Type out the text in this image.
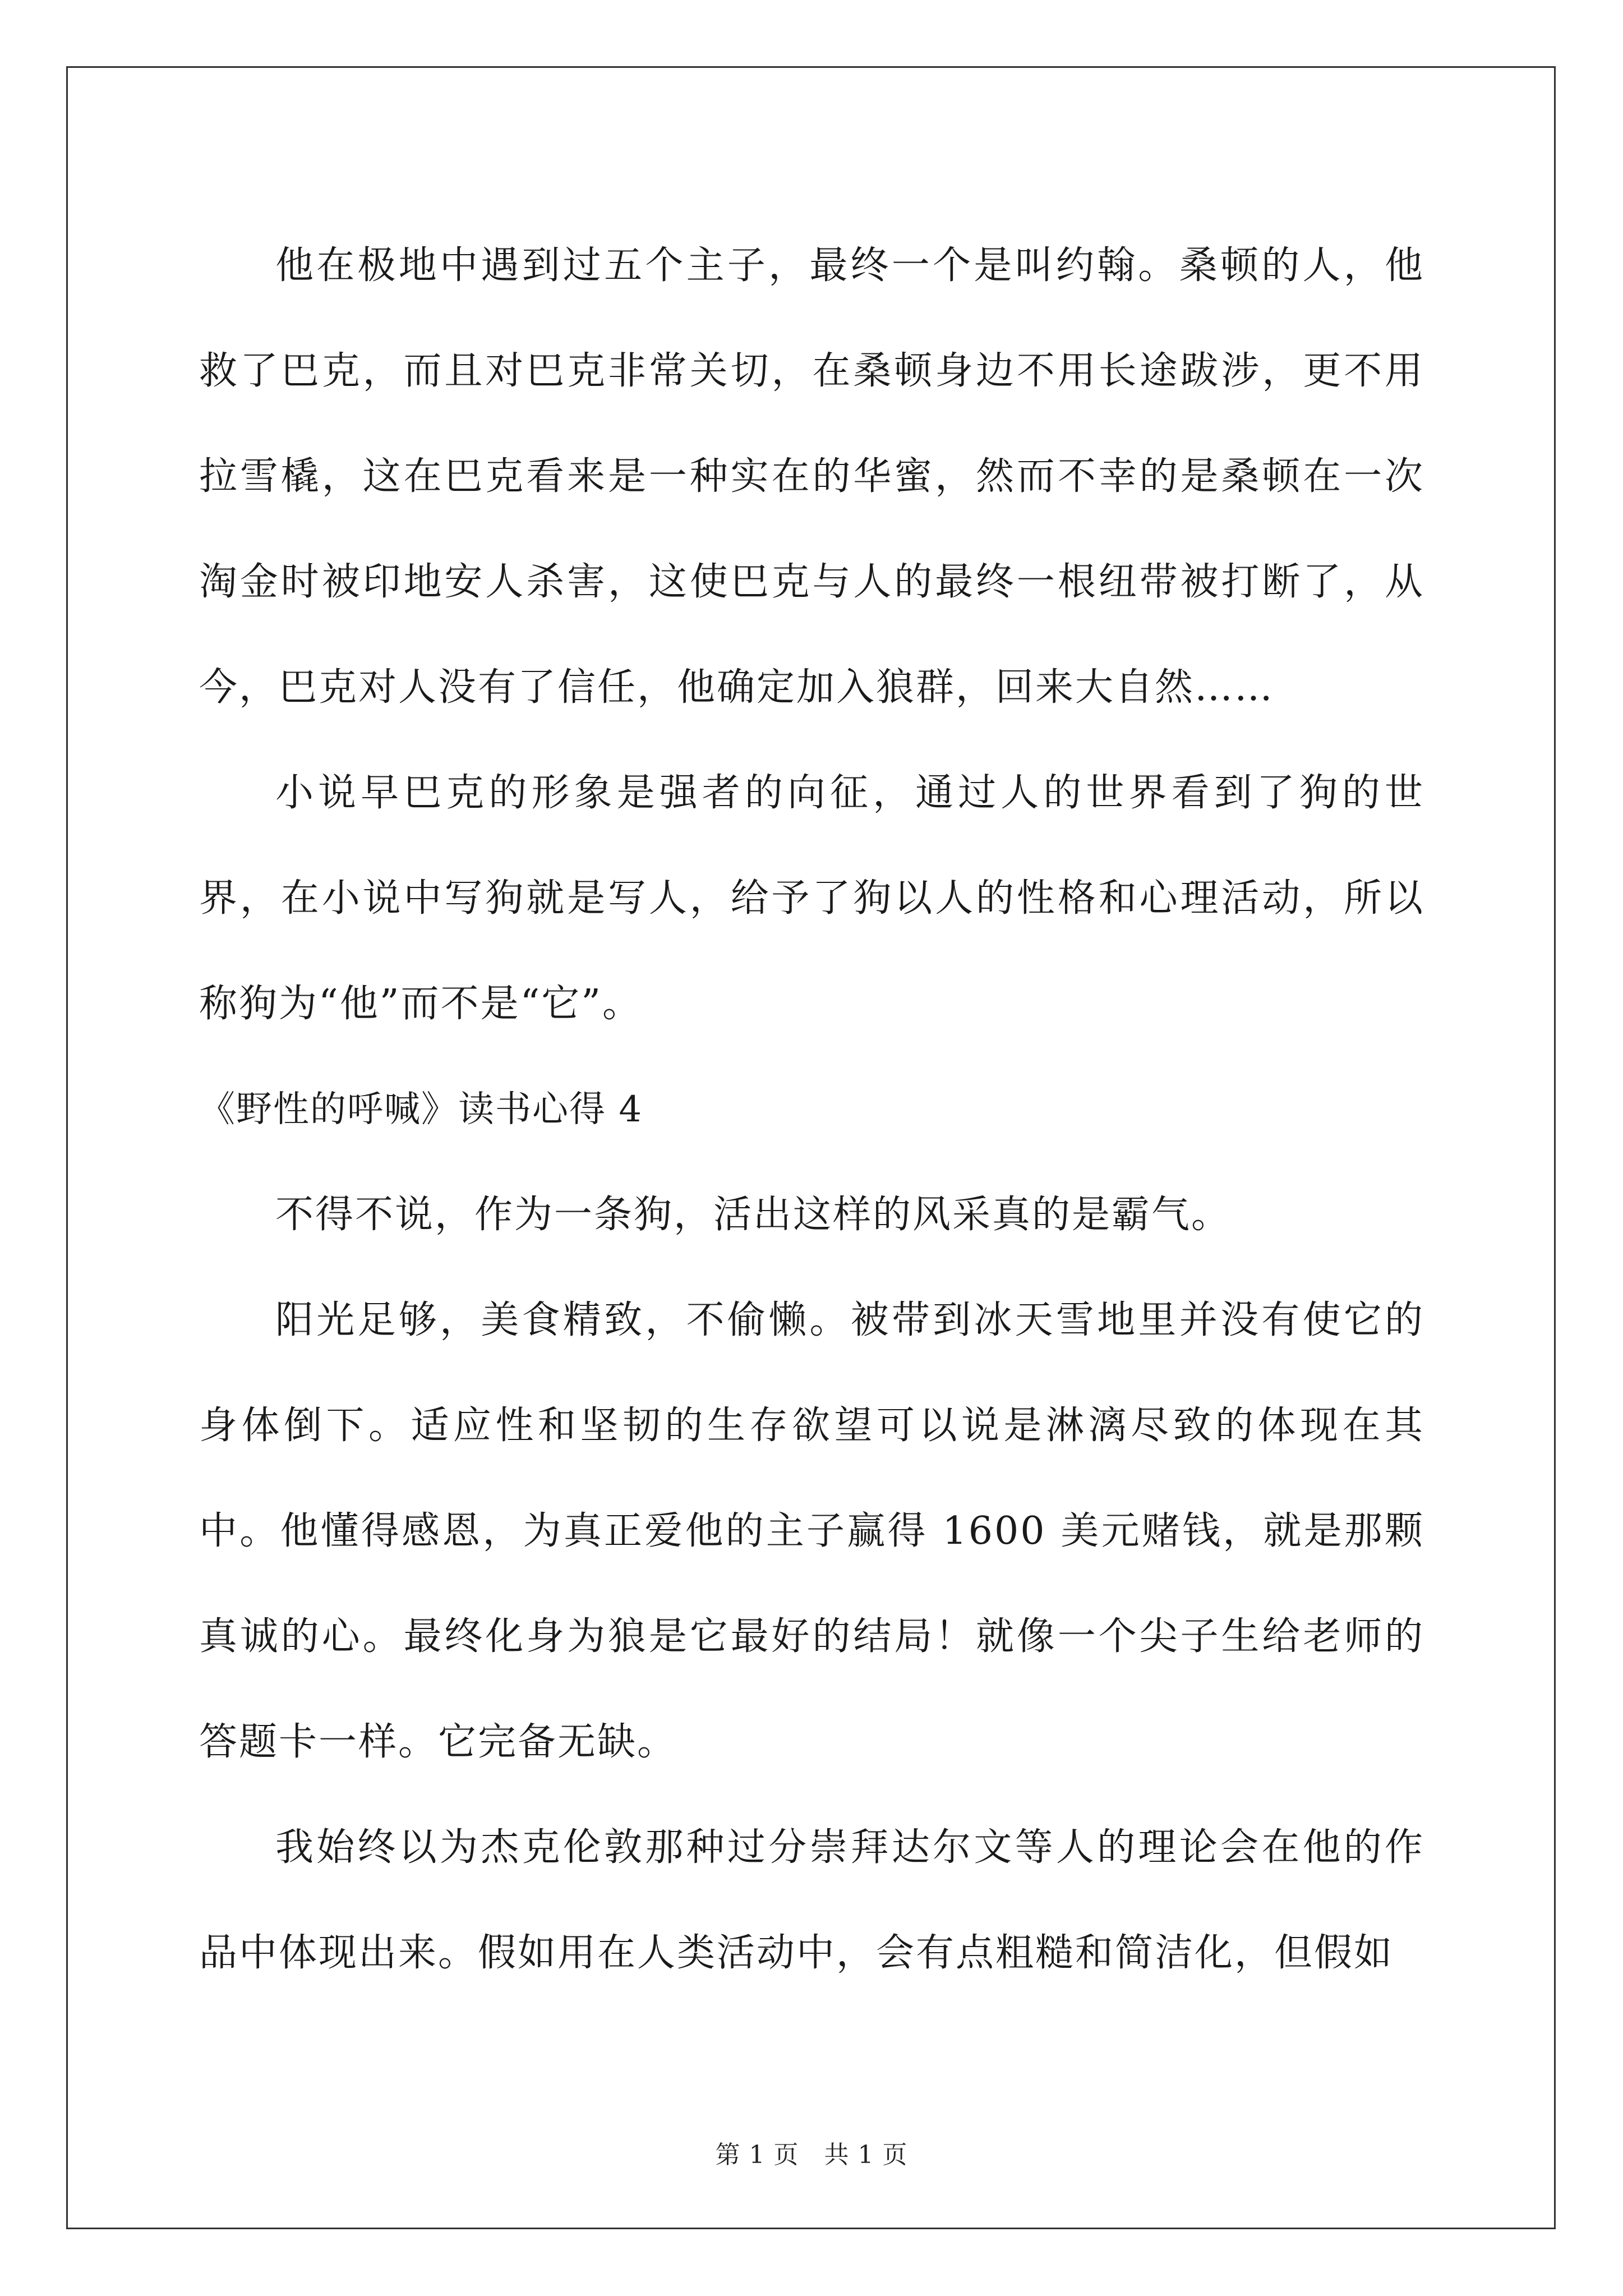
他在极地中遇到过五个主子，最终一个是叫约翰。桑顿的人，他救了巴克，而且对巴克非常关切，在桑顿身边不用长途跋涉，更不用拉雪橇，这在巴克看来是一种实在的华蜜，然而不幸的是桑顿在一次淘金时被印地安人杀害，这使巴克与人的最终一根纽带被打断了，从今，巴克对人没有了信任，他确定加入狼群，回来大自然……

小说早巴克的形象是强者的向征，通过人的世界看到了狗的世界，在小说中写狗就是写人，给予了狗以人的性格和心理活动，所以称狗为“他”而不是“它”。

《野性的呼喊》读书心得 4

不得不说，作为一条狗，活出这样的风采真的是霸气。

阳光足够，美食精致，不偷懒。被带到冰天雪地里并没有使它的身体倒下。适应性和坚韧的生存欲望可以说是淋漓尽致的体现在其中。他懂得感恩，为真正爱他的主子赢得 1600 美元赌钱，就是那颗真诚的心。最终化身为狼是它最好的结局！就像一个尖子生给老师的答题卡一样。它完备无缺。

我始终以为杰克伦敦那种过分崇拜达尔文等人的理论会在他的作品中体现出来。假如用在人类活动中，会有点粗糙和简洁化，但假如

第 1 页　共 1 页
